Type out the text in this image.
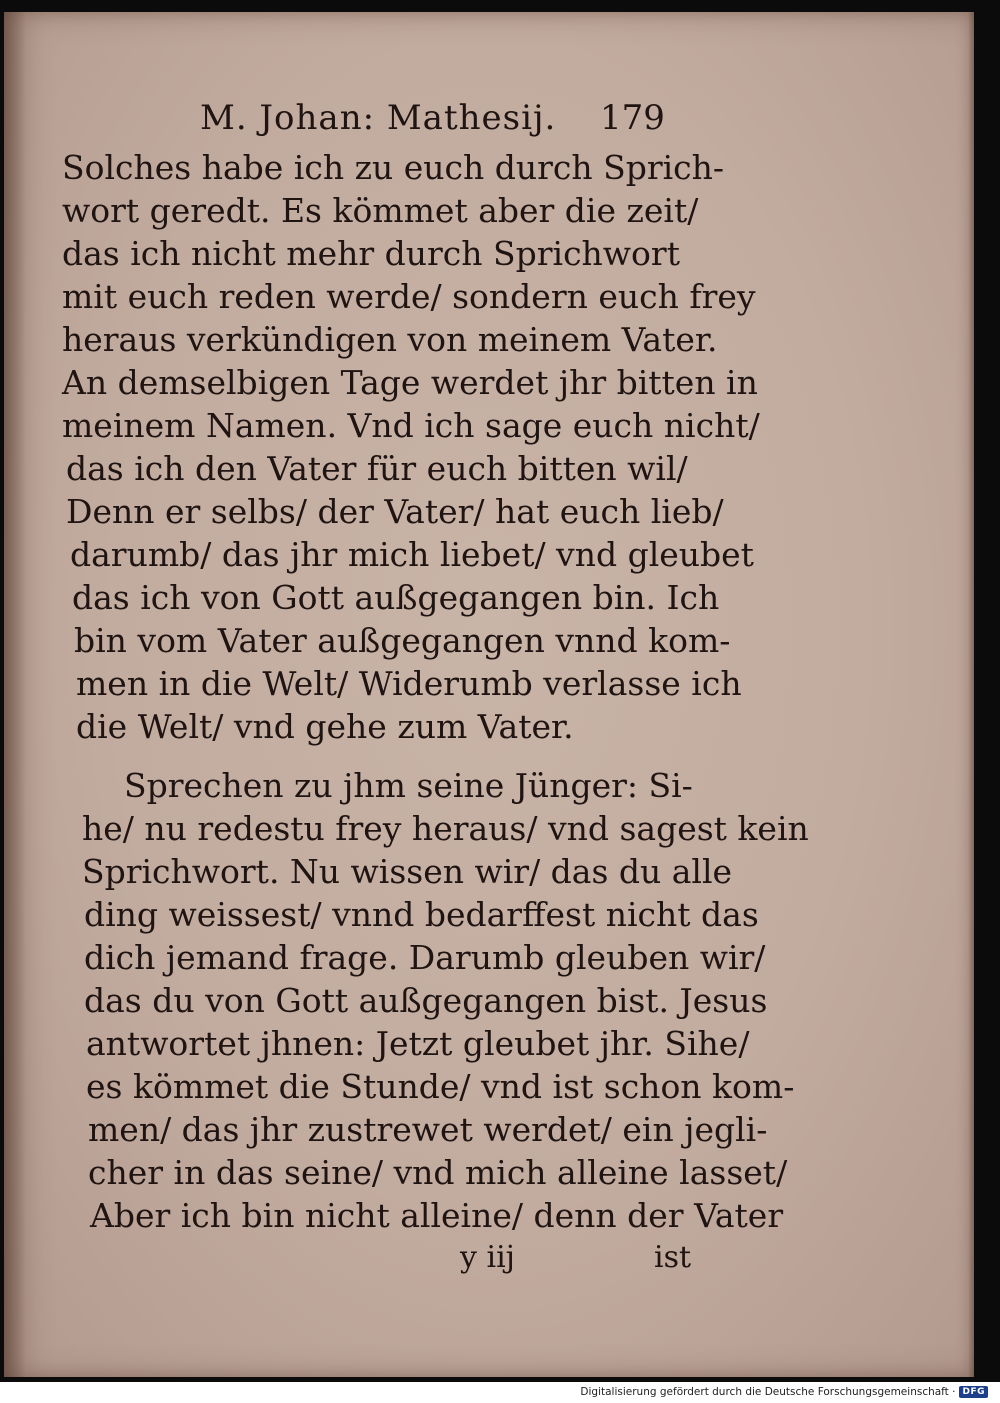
M. Johan: Mathesij. 179
Solches habe ich zu euch durch Sprich-
wort geredt. Es kömmet aber die zeit/
das ich nicht mehr durch Sprichwort
mit euch reden werde/ sondern euch frey
heraus verkündigen von meinem Vater.
An demselbigen Tage werdet jhr bitten in
meinem Namen. Vnd ich sage euch nicht/
das ich den Vater für euch bitten wil/
Denn er selbs/ der Vater/ hat euch lieb/
darumb/ das jhr mich liebet/ vnd gleubet
das ich von Gott außgegangen bin. Ich
bin vom Vater außgegangen vnnd kom-
men in die Welt/ Widerumb verlasse ich
die Welt/ vnd gehe zum Vater.
Sprechen zu jhm seine Jünger: Si-
he/ nu redestu frey heraus/ vnd sagest kein
Sprichwort. Nu wissen wir/ das du alle
ding weissest/ vnnd bedarffest nicht das
dich jemand frage. Darumb gleuben wir/
das du von Gott außgegangen bist. Jesus
antwortet jhnen: Jetzt gleubet jhr. Sihe/
es kömmet die Stunde/ vnd ist schon kom-
men/ das jhr zustrewet werdet/ ein jegli-
cher in das seine/ vnd mich alleine lasset/
Aber ich bin nicht alleine/ denn der Vater
y iij	ist
Digitalisierung gefördert durch die Deutsche Forschungsgemeinschaft · DFG
